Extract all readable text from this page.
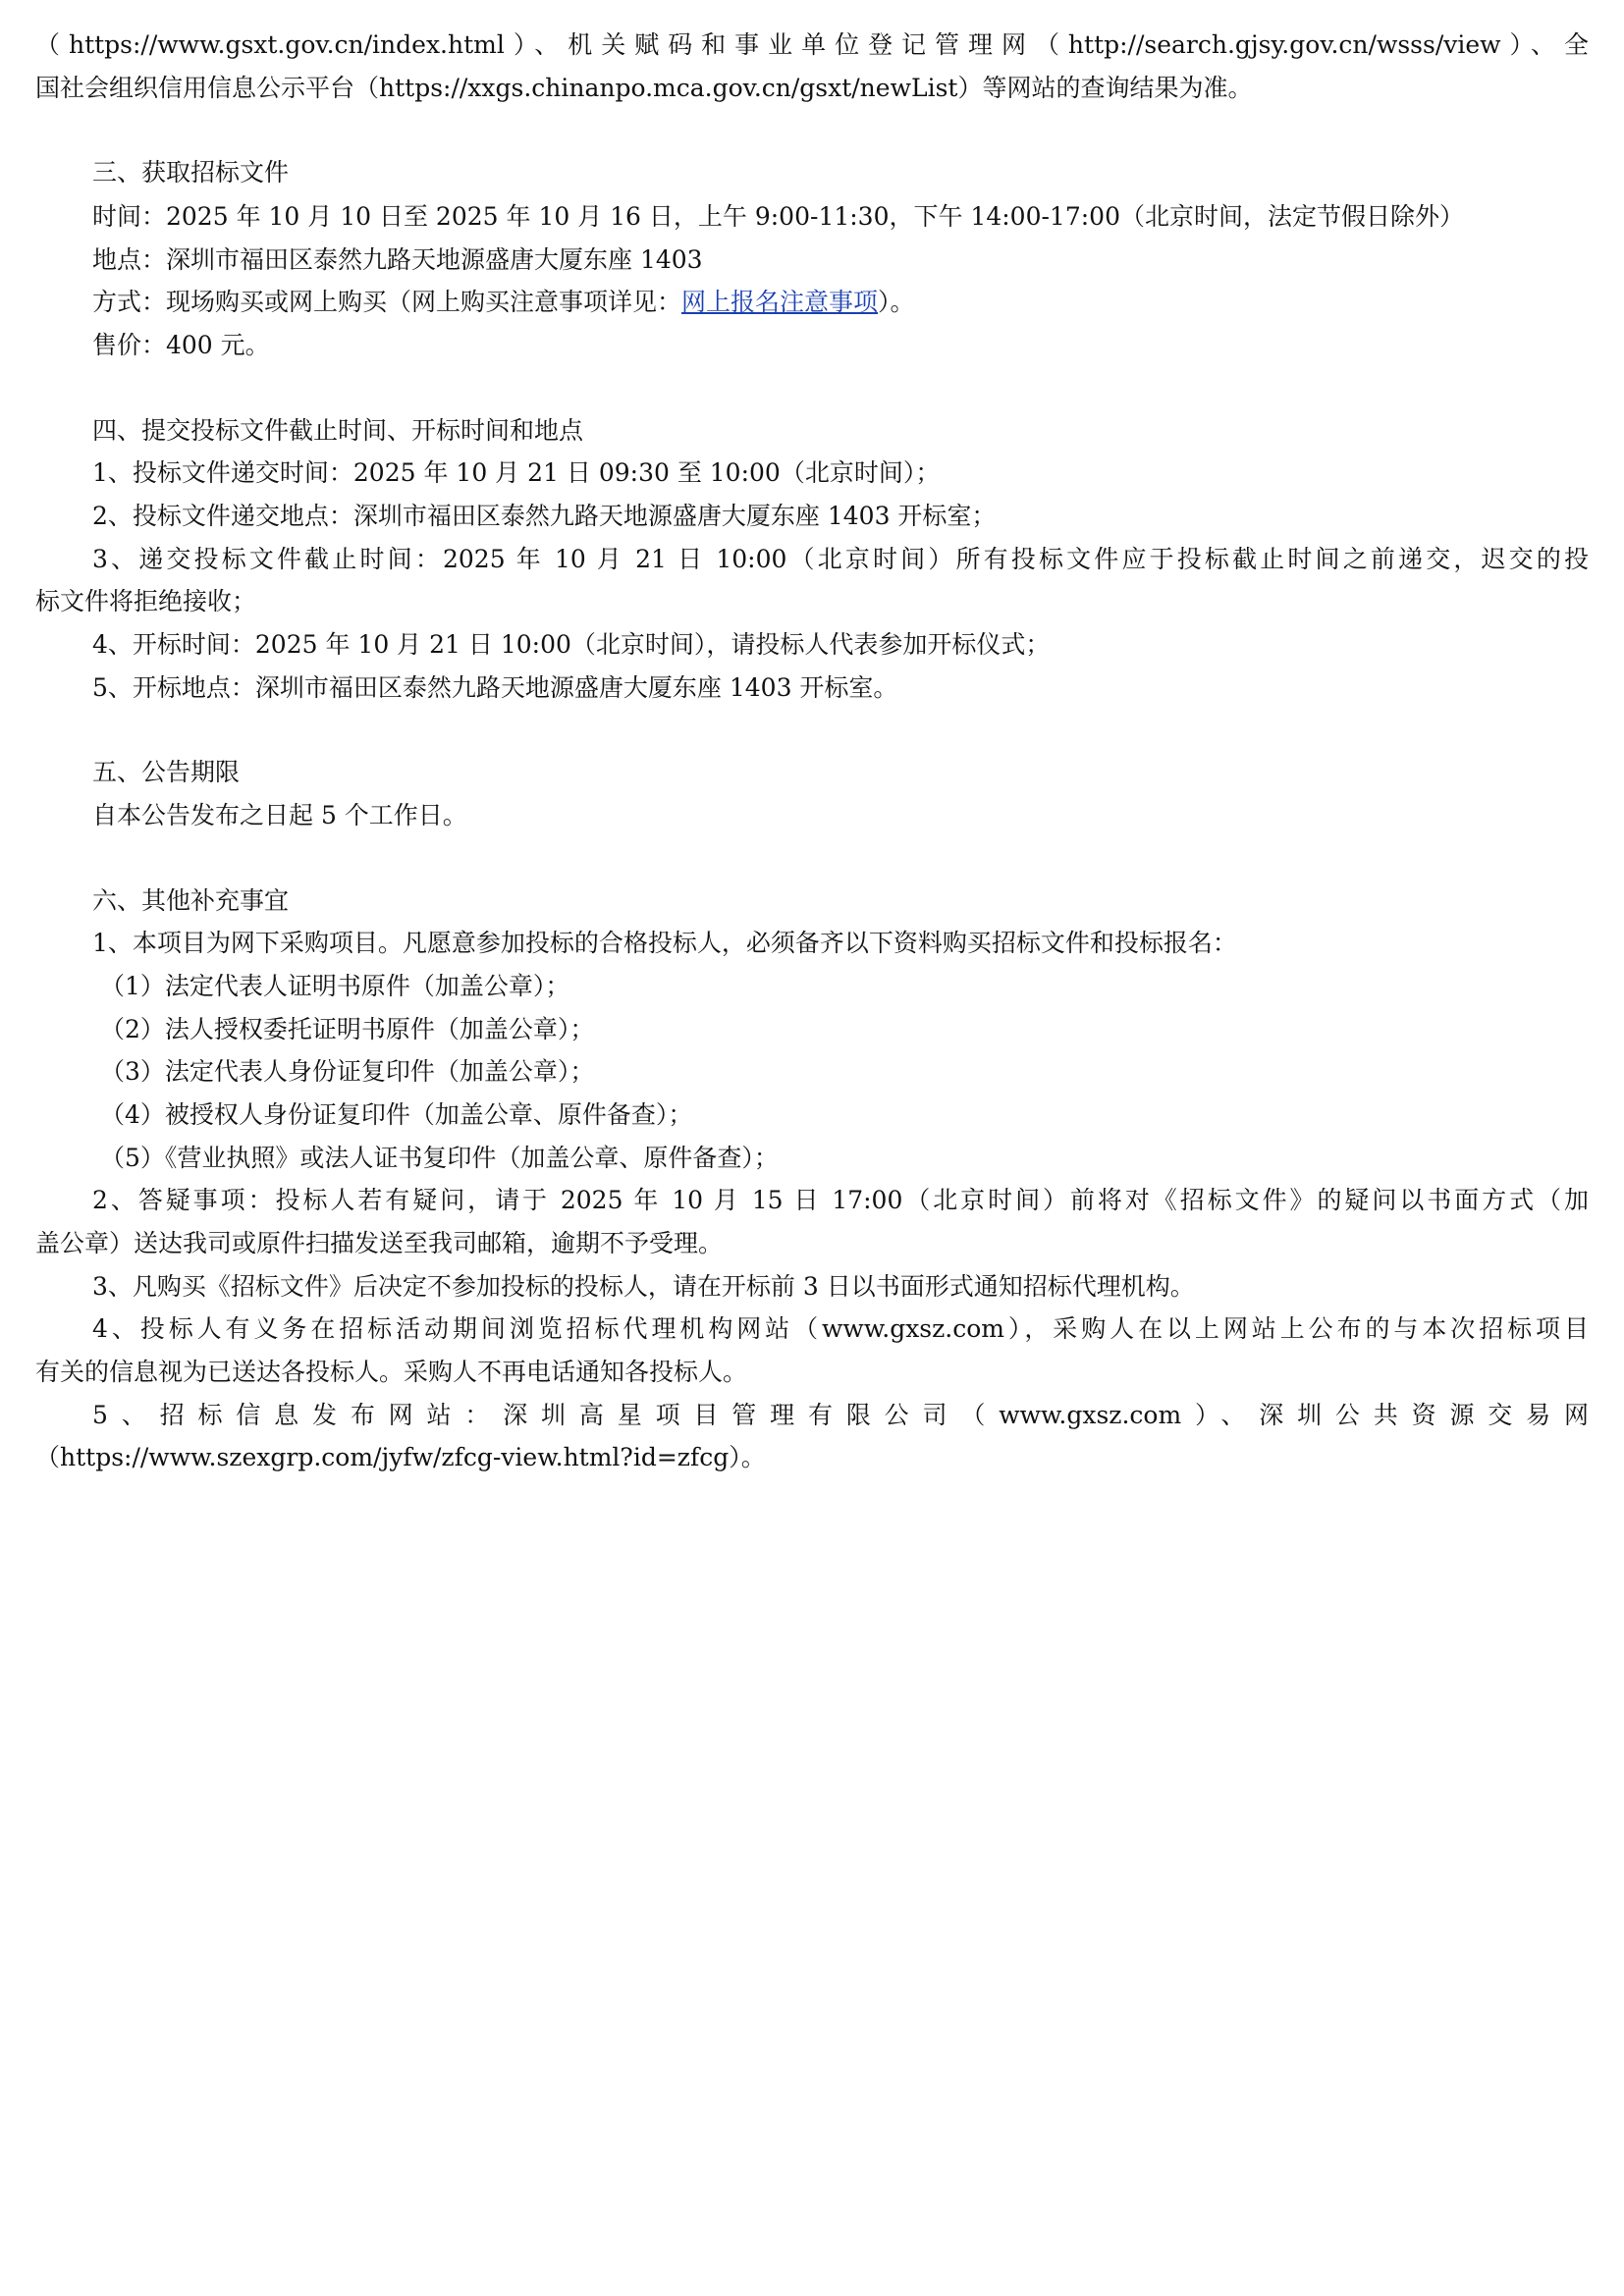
（https://www.gsxt.gov.cn/index.html）、机关赋码和事业单位登记管理网（http://search.gjsy.gov.cn/wsss/view）、全
国社会组织信用信息公示平台（https://xxgs.chinanpo.mca.gov.cn/gsxt/newList）等网站的查询结果为准。
三、获取招标文件
时间：2025 年 10 月 10 日至 2025 年 10 月 16 日，上午 9:00-11:30，下午 14:00-17:00（北京时间，法定节假日除外）
地点：深圳市福田区泰然九路天地源盛唐大厦东座 1403
方式：现场购买或网上购买（网上购买注意事项详见：网上报名注意事项）。
售价：400 元。
四、提交投标文件截止时间、开标时间和地点
1、投标文件递交时间：2025 年 10 月 21 日 09:30 至 10:00（北京时间）；
2、投标文件递交地点：深圳市福田区泰然九路天地源盛唐大厦东座 1403 开标室；
3、递交投标文件截止时间：2025 年 10 月 21 日 10:00（北京时间）所有投标文件应于投标截止时间之前递交，迟交的投
标文件将拒绝接收；
4、开标时间：2025 年 10 月 21 日 10:00（北京时间），请投标人代表参加开标仪式；
5、开标地点：深圳市福田区泰然九路天地源盛唐大厦东座 1403 开标室。
五、公告期限
自本公告发布之日起 5 个工作日。
六、其他补充事宜
1、本项目为网下采购项目。凡愿意参加投标的合格投标人，必须备齐以下资料购买招标文件和投标报名：
（1）法定代表人证明书原件（加盖公章）；
（2）法人授权委托证明书原件（加盖公章）；
（3）法定代表人身份证复印件（加盖公章）；
（4）被授权人身份证复印件（加盖公章、原件备查）；
（5）《营业执照》或法人证书复印件（加盖公章、原件备查）；
2、答疑事项：投标人若有疑问，请于 2025 年 10 月 15 日 17:00（北京时间）前将对《招标文件》的疑问以书面方式（加
盖公章）送达我司或原件扫描发送至我司邮箱，逾期不予受理。
3、凡购买《招标文件》后决定不参加投标的投标人，请在开标前 3 日以书面形式通知招标代理机构。
4、投标人有义务在招标活动期间浏览招标代理机构网站（www.gxsz.com），采购人在以上网站上公布的与本次招标项目
有关的信息视为已送达各投标人。采购人不再电话通知各投标人。
5、招标信息发布网站：深圳高星项目管理有限公司（www.gxsz.com）、深圳公共资源交易网
（https://www.szexgrp.com/jyfw/zfcg-view.html?id=zfcg）。
